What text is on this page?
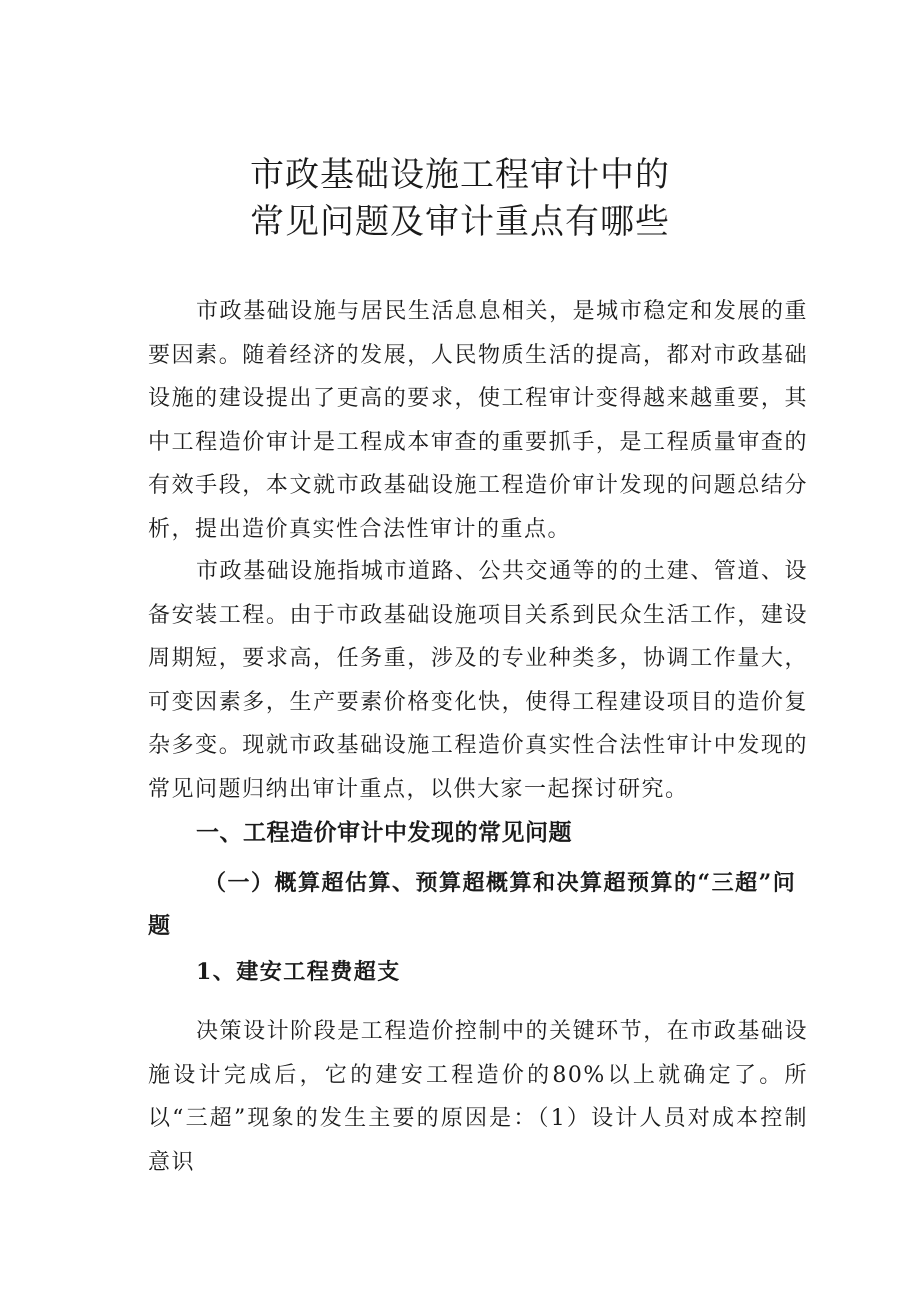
市政基础设施工程审计中的
常见问题及审计重点有哪些

市政基础设施与居民生活息息相关，是城市稳定和发展的重要因素。随着经济的发展，人民物质生活的提高，都对市政基础设施的建设提出了更高的要求，使工程审计变得越来越重要，其中工程造价审计是工程成本审查的重要抓手，是工程质量审查的有效手段，本文就市政基础设施工程造价审计发现的问题总结分析，提出造价真实性合法性审计的重点。

市政基础设施指城市道路、公共交通等的的土建、管道、设备安装工程。由于市政基础设施项目关系到民众生活工作，建设周期短，要求高，任务重，涉及的专业种类多，协调工作量大，可变因素多，生产要素价格变化快，使得工程建设项目的造价复杂多变。现就市政基础设施工程造价真实性合法性审计中发现的常见问题归纳出审计重点，以供大家一起探讨研究。

一、工程造价审计中发现的常见问题
（一）概算超估算、预算超概算和决算超预算的“三超”问题
1、建安工程费超支

决策设计阶段是工程造价控制中的关键环节，在市政基础设施设计完成后，它的建安工程造价的80%以上就确定了。所以“三超”现象的发生主要的原因是：（1）设计人员对成本控制意识
